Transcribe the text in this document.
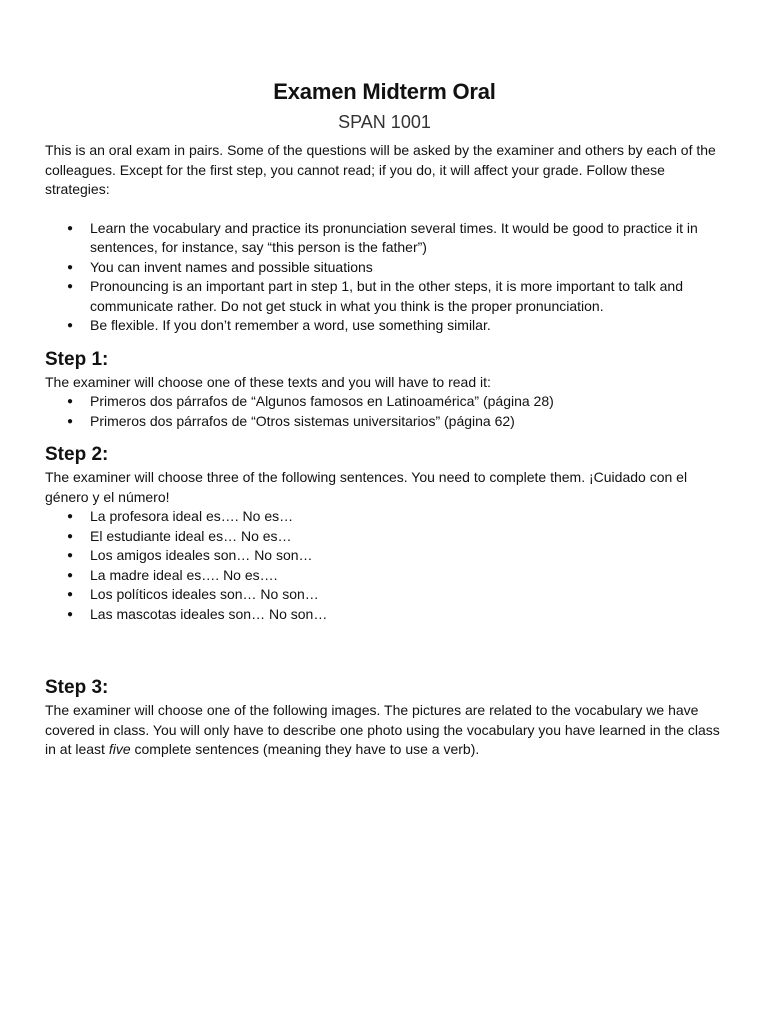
Examen Midterm Oral
SPAN 1001

This is an oral exam in pairs. Some of the questions will be asked by the examiner and others by each of the colleagues. Except for the first step, you cannot read; if you do, it will affect your grade. Follow these strategies:

● Learn the vocabulary and practice its pronunciation several times. It would be good to practice it in sentences, for instance, say “this person is the father”)
● You can invent names and possible situations
● Pronouncing is an important part in step 1, but in the other steps, it is more important to talk and communicate rather. Do not get stuck in what you think is the proper pronunciation.
● Be flexible. If you don’t remember a word, use something similar.
Step 1:

The examiner will choose one of these texts and you will have to read it:

● Primeros dos párrafos de “Algunos famosos en Latinoamérica” (página 28)
● Primeros dos párrafos de “Otros sistemas universitarios” (página 62)
Step 2:

The examiner will choose three of the following sentences. You need to complete them. ¡Cuidado con el género y el número!

● La profesora ideal es…. No es…
● El estudiante ideal es… No es…
● Los amigos ideales son… No son…
● La madre ideal es…. No es….
● Los políticos ideales son… No son…
● Las mascotas ideales son… No son…
Step 3:

The examiner will choose one of the following images. The pictures are related to the vocabulary we have covered in class. You will only have to describe one photo using the vocabulary you have learned in the class in at least five complete sentences (meaning they have to use a verb).
